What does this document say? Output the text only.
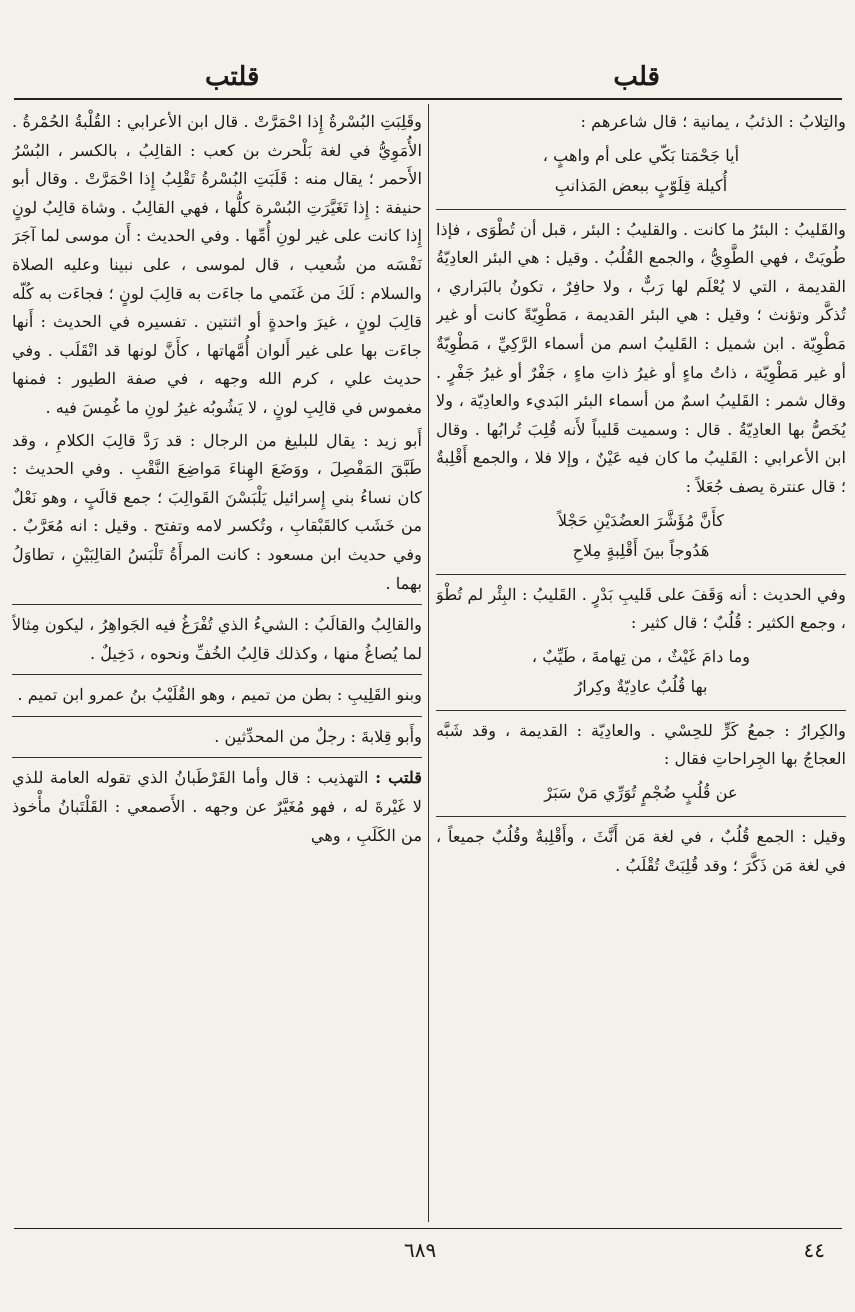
قلب
قلتب

والتِلابُ : الذئبُ ، يمانية ؛ قال شاعرهم :

أيا جَحْمَتا بَكّي على أم واهبٍ ،
أُكيلة قِلَوّبٍ ببعض المَذانبِ

والقَليبُ : البئرُ ما كانت . والقليبُ : البئر ، قبل أن تُطْوَى ، فإذا طُويَتْ ، فهي الطَّوِيُّ ، والجمع القُلُبُ . وقيل : هي البئر العادِيّةُ القديمة ، التي لا يُعْلَم لها رَبٌّ ، ولا حافِرٌ ، تكونُ بالبَراري ، تُذكَّر وتؤنث ؛ وقيل : هي البئر القديمة ، مَطْوِيّةً كانت أو غير مَطْوِيّة . ابن شميل : القَليبُ اسم من أسماء الرَّكِيِّ ، مَطْوِيّةٌ أو غير مَطْوِيّة ، ذاتُ ماءٍ أو غيرُ ذاتِ ماءٍ ، جَفْرٌ أو غيرُ جَفْرٍ . وقال شمر : القَليبُ اسمٌ من أسماء البئر البَديء والعادِيّة ، ولا يُخَصُّ بها العادِيّةُ . قال : وسميت قَليباً لأَنه قُلِبَ تُرابُها . وقال ابن الأعرابي : القَليبُ ما كان فيه عَيْنٌ ، وإلا فلا ، والجمع أَقْلِبةٌ ؛ قال عنترة يصف جُعَلاً :

كأَنَّ مُؤَشَّرَ العضُدَيْنِ حَجْلاً
هَدُوجاً بينَ أَقْلِبةٍ مِلاحِ

وفي الحديث : أنه وَقَفَ على قَليبِ بَدْرٍ . القَليبُ : البِئْر لم تُطْوَ ، وجمع الكثير : قُلُبٌ ؛ قال كثير :

وما دامَ غَيْثٌ ، من تِهامةَ ، طَيِّبٌ ،
بها قُلُبٌ عادِيّةٌ وكِرارُ

والكِرارُ : جمعُ كَرٍّ للحِسْي . والعادِيّة : القديمة ، وقد شَبَّه العجاجُ بها الجِراحاتِ فقال :

عن قُلُبٍ ضُجْمٍ تُوَرِّي مَنْ سَبَرْ

وقيل : الجمع قُلُبٌ ، في لغة مَن أَنَّثَ ، وأَقْلِبةٌ وقُلُبٌ جميعاً ، في لغة مَن ذَكَّرَ ؛ وقد قُلِبَتْ تُقْلَبُ .

وقَلِبَتِ البُسْرةُ إِذا احْمَرَّتْ . قال ابن الأعرابي : القُلْبةُ الحُمْرةُ . الأُمَوِيُّ في لغة بَلْحرث بن كعب : القالِبُ ، بالكسر ، البُسْرُ الأَحمر ؛ يقال منه : قَلَبَتِ البُسْرةُ تَقْلِبُ إِذا احْمَرَّتْ . وقال أبو حنيفة : إِذا تَغَيَّرَتِ البُسْرة كلُّها ، فهي القالِبُ . وشاة قالِبُ لونٍ إِذا كانت على غير لونِ أُمِّها . وفي الحديث : أَن موسى لما آجَرَ نَفْسَه من شُعيب ، قال لموسى ، على نبينا وعليه الصلاة والسلام : لَكَ من غَنَمي ما جاءَت به قالِبَ لونٍ ؛ فجاءَت به كُلّه قالِبَ لونٍ ، غيرَ واحدةٍ أو اثنتين . تفسيره في الحديث : أَنها جاءَت بها على غير أَلوان أُمَّهاتها ، كأَنَّ لونها قد انْقَلَب . وفي حديث علي ، كرم الله وجهه ، في صفة الطيور : فمنها مغموس في قالِبِ لونٍ ، لا يَشُوبُه غيرُ لونِ ما غُمِسَ فيه .

أَبو زيد : يقال للبليغ من الرجال : قد رَدَّ قالِبَ الكلامِ ، وقد طَبَّقَ المَفْصِلَ ، ووَضَعَ الهِناءَ مَواضِعَ النَّقْبِ . وفي الحديث : كان نساءُ بني إِسرائيل يَلْبَسْنَ القَوالِبَ ؛ جمع قالَبٍ ، وهو نَعْلٌ من خَشَب كالقَبْقابِ ، وتُكسر لامه وتفتح . وقيل : انه مُعَرَّبٌ . وفي حديث ابن مسعود : كانت المرأَةُ تَلْبَسُ القالِبَيْنِ ، تطاوَلُ بهما .

والقالِبُ والقالَبُ : الشيءُ الذي تُفْرَغُ فيه الجَواهِرُ ، ليكون مِثالاً لما يُصاغُ منها ، وكذلك قالِبُ الخُفِّ ونحوه ، دَخِيلٌ .

وبنو القَلِيبِ : بطن من تميم ، وهو القُلَيْبُ بنُ عمرو ابن تميم .

وأَبو قِلابةَ : رجلٌ من المحدِّثين .

قلتب : التهذيب : قال وأما القَرْطَبانُ الذي تقوله العامة للذي لا غَيْرةَ له ، فهو مُغَيَّرٌ عن وجهه . الأَصمعي : القَلْتَبانُ مأْخوذ من الكَلَبِ ، وهي

٦٨٩	٤٤
